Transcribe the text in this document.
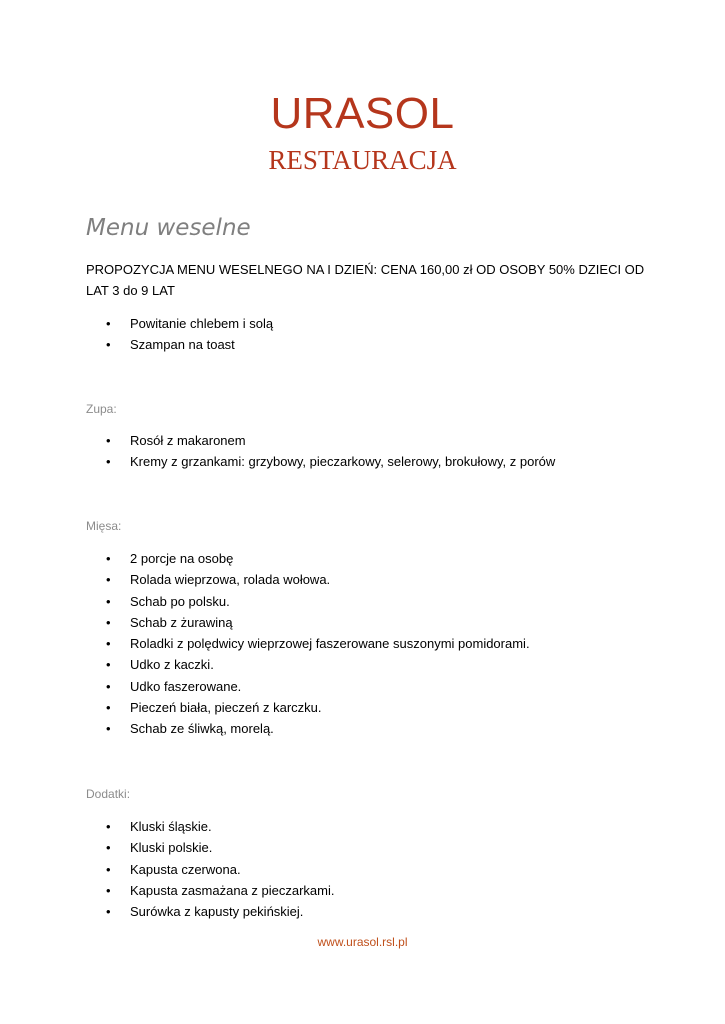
URASOL
RESTAURACJA
Menu weselne
PROPOZYCJA MENU WESELNEGO NA I DZIEŃ: CENA 160,00 zł OD OSOBY 50% DZIECI OD LAT 3 do 9 LAT
• Powitanie chlebem i solą
• Szampan na toast
Zupa:
• Rosół z makaronem
• Kremy z grzankami: grzybowy, pieczarkowy, selerowy, brokułowy, z porów
Mięsa:
• 2 porcje na osobę
• Rolada wieprzowa, rolada wołowa.
• Schab po polsku.
• Schab z żurawiną
• Roladki z polędwicy wieprzowej faszerowane suszonymi pomidorami.
• Udko z kaczki.
• Udko faszerowane.
• Pieczeń biała, pieczeń z karczku.
• Schab ze śliwką, morelą.
Dodatki:
• Kluski śląskie.
• Kluski polskie.
• Kapusta czerwona.
• Kapusta zasmażana z pieczarkami.
• Surówka z kapusty pekińskiej.
www.urasol.rsl.pl
